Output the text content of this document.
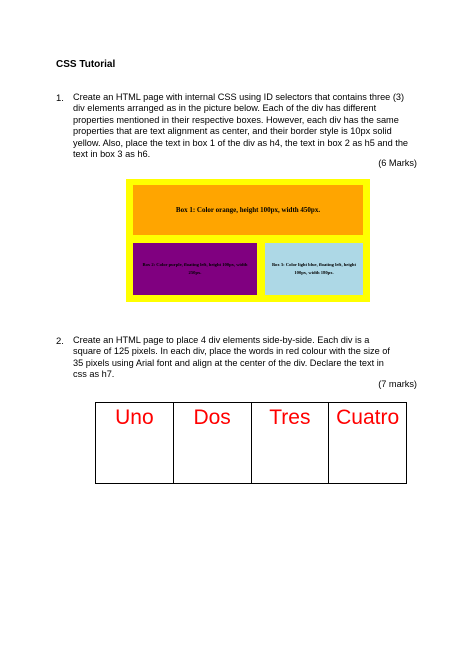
CSS Tutorial
1. Create an HTML page with internal CSS using ID selectors that contains three (3)
div elements arranged as in the picture below. Each of the div has different
properties mentioned in their respective boxes. However, each div has the same
properties that are text alignment as center, and their border style is 10px solid
yellow. Also, place the text in box 1 of the div as h4, the text in box 2 as h5 and the
text in box 3 as h6.
(6 Marks)
Box 1: Color orange, height 100px, width 450px.
Box 2: Color purple, floating left, height 100px, width 250px.
Box 3: Color light blue, floating left, height 100px, width 180px.
2. Create an HTML page to place 4 div elements side-by-side. Each div is a
square of 125 pixels. In each div, place the words in red colour with the size of
35 pixels using Arial font and align at the center of the div. Declare the text in
css as h7.
(7 marks)
Uno	Dos	Tres	Cuatro
